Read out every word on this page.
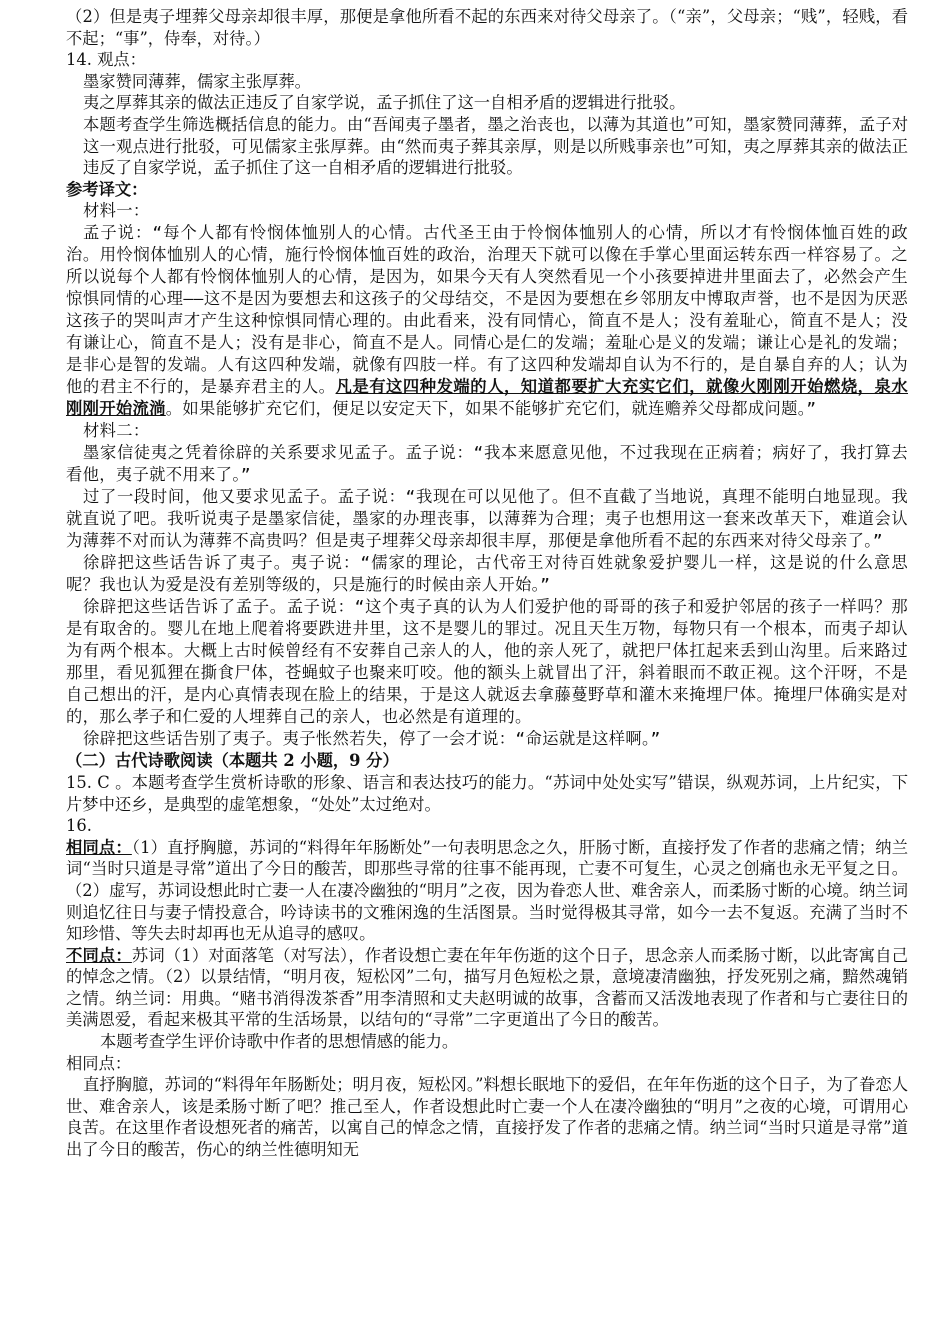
（2）但是夷子埋葬父母亲却很丰厚，那便是拿他所看不起的东西来对待父母亲了。（“亲”，父母亲；“贱”，轻贱，看不起；“事”，侍奉，对待。）

14. 观点：

墨家赞同薄葬，儒家主张厚葬。

夷之厚葬其亲的做法正违反了自家学说，孟子抓住了这一自相矛盾的逻辑进行批驳。

本题考查学生筛选概括信息的能力。由“吾闻夷子墨者，墨之治丧也，以薄为其道也”可知，墨家赞同薄葬，孟子对这一观点进行批驳，可见儒家主张厚葬。由“然而夷子葬其亲厚，则是以所贱事亲也”可知，夷之厚葬其亲的做法正违反了自家学说，孟子抓住了这一自相矛盾的逻辑进行批驳。

参考译文：

材料一：

孟子说：“每个人都有怜悯体恤别人的心情。古代圣王由于怜悯体恤别人的心情，所以才有怜悯体恤百姓的政治。用怜悯体恤别人的心情，施行怜悯体恤百姓的政治，治理天下就可以像在手掌心里面运转东西一样容易了。之所以说每个人都有怜悯体恤别人的心情，是因为，如果今天有人突然看见一个小孩要掉进井里面去了，必然会产生惊惧同情的心理——这不是因为要想去和这孩子的父母结交，不是因为要想在乡邻朋友中博取声誉，也不是因为厌恶这孩子的哭叫声才产生这种惊惧同情心理的。由此看来，没有同情心，简直不是人；没有羞耻心，简直不是人；没有谦让心，简直不是人；没有是非心，简直不是人。同情心是仁的发端；羞耻心是义的发端；谦让心是礼的发端；是非心是智的发端。人有这四种发端，就像有四肢一样。有了这四种发端却自认为不行的，是自暴自弃的人；认为他的君主不行的，是暴弃君主的人。凡是有这四种发端的人，知道都要扩大充实它们，就像火刚刚开始燃烧，泉水刚刚开始流淌。如果能够扩充它们，便足以安定天下，如果不能够扩充它们，就连赡养父母都成问题。”

材料二：

墨家信徒夷之凭着徐辟的关系要求见孟子。孟子说：“我本来愿意见他，不过我现在正病着；病好了，我打算去看他，夷子就不用来了。”

过了一段时间，他又要求见孟子。孟子说：“我现在可以见他了。但不直截了当地说，真理不能明白地显现。我就直说了吧。我听说夷子是墨家信徒，墨家的办理丧事，以薄葬为合理；夷子也想用这一套来改革天下，难道会认为薄葬不对而认为薄葬不高贵吗？但是夷子埋葬父母亲却很丰厚，那便是拿他所看不起的东西来对待父母亲了。”

徐辟把这些话告诉了夷子。夷子说：“儒家的理论，古代帝王对待百姓就象爱护婴儿一样，这是说的什么意思呢？我也认为爱是没有差别等级的，只是施行的时候由亲人开始。”

徐辟把这些话告诉了孟子。孟子说：“这个夷子真的认为人们爱护他的哥哥的孩子和爱护邻居的孩子一样吗？那是有取舍的。婴儿在地上爬着将要跌进井里，这不是婴儿的罪过。况且天生万物，每物只有一个根本，而夷子却认为有两个根本。大概上古时候曾经有不安葬自己亲人的人，他的亲人死了，就把尸体扛起来丢到山沟里。后来路过那里，看见狐狸在撕食尸体，苍蝇蚊子也聚来叮咬。他的额头上就冒出了汗，斜着眼而不敢正视。这个汗呀，不是自己想出的汗，是内心真情表现在脸上的结果，于是这人就返去拿藤蔓野草和灌木来掩埋尸体。掩埋尸体确实是对的，那么孝子和仁爱的人埋葬自己的亲人，也必然是有道理的。

徐辟把这些话告别了夷子。夷子怅然若失，停了一会才说：“命运就是这样啊。”

（二）古代诗歌阅读（本题共 2 小题，9 分）

15. C 。本题考查学生赏析诗歌的形象、语言和表达技巧的能力。“苏词中处处实写”错误，纵观苏词，上片纪实，下片梦中还乡，是典型的虚笔想象，“处处”太过绝对。

16.

相同点：（1）直抒胸臆，苏词的“料得年年肠断处”一句表明思念之久，肝肠寸断，直接抒发了作者的悲痛之情；纳兰词“当时只道是寻常”道出了今日的酸苦，即那些寻常的往事不能再现，亡妻不可复生，心灵之创痛也永无平复之日。（2）虚写，苏词设想此时亡妻一人在凄冷幽独的“明月”之夜，因为眷恋人世、难舍亲人，而柔肠寸断的心境。纳兰词则追忆往日与妻子情投意合，吟诗读书的文雅闲逸的生活图景。当时觉得极其寻常，如今一去不复返。充满了当时不知珍惜、等失去时却再也无从追寻的感叹。

不同点：苏词（1）对面落笔（对写法），作者设想亡妻在年年伤逝的这个日子，思念亲人而柔肠寸断，以此寄寓自己的悼念之情。（2）以景结情，“明月夜，短松冈”二句，描写月色短松之景，意境凄清幽独，抒发死别之痛，黯然魂销之情。纳兰词：用典。“赌书消得泼茶香”用李清照和丈夫赵明诚的故事，含蓄而又活泼地表现了作者和与亡妻往日的美满恩爱，看起来极其平常的生活场景，以结句的“寻常”二字更道出了今日的酸苦。

本题考查学生评价诗歌中作者的思想情感的能力。

相同点：

直抒胸臆，苏词的“料得年年肠断处；明月夜，短松冈。”料想长眠地下的爱侣，在年年伤逝的这个日子，为了眷恋人世、难舍亲人，该是柔肠寸断了吧？推己至人，作者设想此时亡妻一个人在凄冷幽独的“明月”之夜的心境，可谓用心良苦。在这里作者设想死者的痛苦，以寓自己的悼念之情，直接抒发了作者的悲痛之情。纳兰词“当时只道是寻常”道出了今日的酸苦，伤心的纳兰性德明知无
